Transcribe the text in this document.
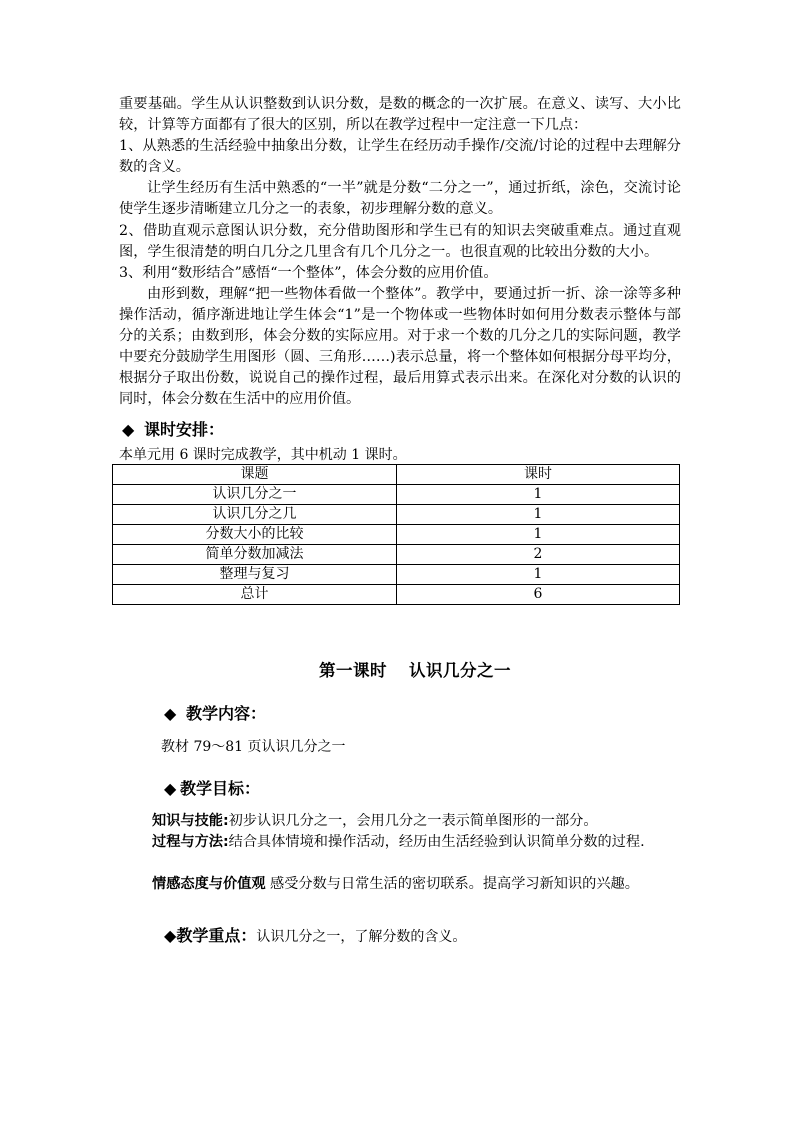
重要基础。学生从认识整数到认识分数，是数的概念的一次扩展。在意义、读写、大小比较，计算等方面都有了很大的区别，所以在教学过程中一定注意一下几点：

1、从熟悉的生活经验中抽象出分数，让学生在经历动手操作/交流/讨论的过程中去理解分数的含义。

让学生经历有生活中熟悉的“一半”就是分数“二分之一”，通过折纸，涂色，交流讨论使学生逐步清晰建立几分之一的表象，初步理解分数的意义。

2、借助直观示意图认识分数，充分借助图形和学生已有的知识去突破重难点。通过直观图，学生很清楚的明白几分之几里含有几个几分之一。也很直观的比较出分数的大小。

3、利用“数形结合”感悟“一个整体”，体会分数的应用价值。

由形到数，理解“把一些物体看做一个整体”。教学中，要通过折一折、涂一涂等多种操作活动，循序渐进地让学生体会“1”是一个物体或一些物体时如何用分数表示整体与部分的关系；由数到形，体会分数的实际应用。对于求一个数的几分之几的实际问题，教学中要充分鼓励学生用图形（圆、三角形……)表示总量，将一个整体如何根据分母平均分，根据分子取出份数，说说自己的操作过程，最后用算式表示出来。在深化对分数的认识的同时，体会分数在生活中的应用价值。

◆ 课时安排：

本单元用 6 课时完成教学，其中机动 1 课时。

课题	课时
认识几分之一	1
认识几分之几	1
分数大小的比较	1
简单分数加减法	2
整理与复习	1
总计	6
第一课时 认识几分之一
◆ 教学内容：
教材 79～81 页认识几分之一
◆ 教学目标：

知识与技能:初步认识几分之一，会用几分之一表示简单图形的一部分。

过程与方法:结合具体情境和操作活动，经历由生活经验到认识简单分数的过程.

情感态度与价值观 感受分数与日常生活的密切联系。提高学习新知识的兴趣。

◆教学重点：认识几分之一，了解分数的含义。
